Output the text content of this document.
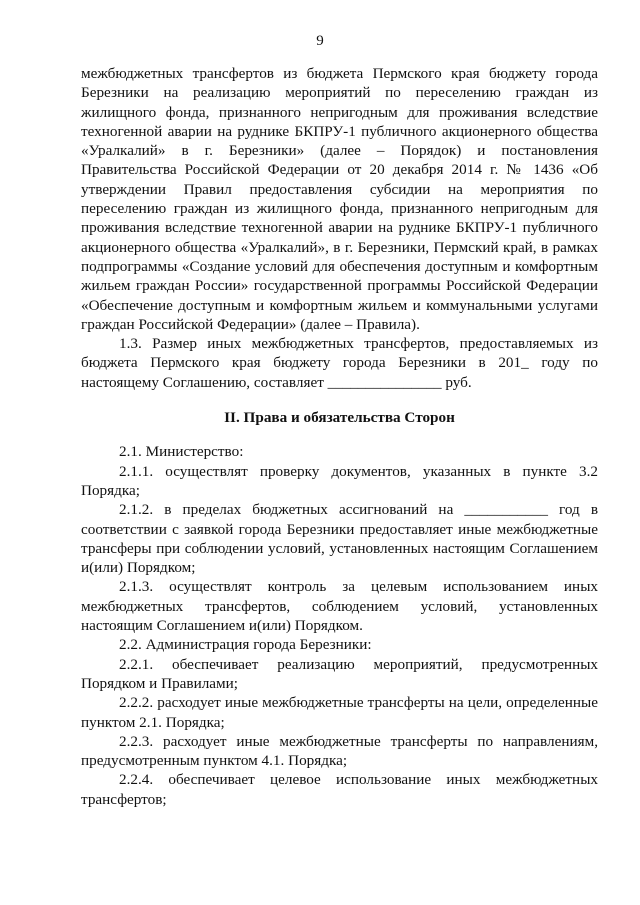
9

межбюджетных трансфертов из бюджета Пермского края бюджету города Березники на реализацию мероприятий по переселению граждан из жилищного фонда, признанного непригодным для проживания вследствие техногенной аварии на руднике БКПРУ-1 публичного акционерного общества «Уралкалий» в г. Березники» (далее – Порядок) и постановления Правительства Российской Федерации от 20 декабря 2014 г. № 1436 «Об утверждении Правил предоставления субсидии на мероприятия по переселению граждан из жилищного фонда, признанного непригодным для проживания вследствие техногенной аварии на руднике БКПРУ-1 публичного акционерного общества «Уралкалий», в г. Березники, Пермский край, в рамках подпрограммы «Создание условий для обеспечения доступным и комфортным жильем граждан России» государственной программы Российской Федерации «Обеспечение доступным и комфортным жильем и коммунальными услугами граждан Российской Федерации» (далее – Правила).

1.3. Размер иных межбюджетных трансфертов, предоставляемых из бюджета Пермского края бюджету города Березники в 201_ году по настоящему Соглашению, составляет _______________ руб.

II. Права и обязательства Сторон

2.1. Министерство:

2.1.1. осуществлят проверку документов, указанных в пункте 3.2 Порядка;

2.1.2. в пределах бюджетных ассигнований на ___________ год в соответствии с заявкой города Березники предоставляет иные межбюджетные трансферы при соблюдении условий, установленных настоящим Соглашением и(или) Порядком;

2.1.3. осуществлят контроль за целевым использованием иных межбюджетных трансфертов, соблюдением условий, установленных настоящим Соглашением и(или) Порядком.

2.2. Администрация города Березники:

2.2.1. обеспечивает реализацию мероприятий, предусмотренных Порядком и Правилами;

2.2.2. расходует иные межбюджетные трансферты на цели, определенные пунктом 2.1. Порядка;

2.2.3. расходует иные межбюджетные трансферты по направлениям, предусмотренным пунктом 4.1. Порядка;

2.2.4. обеспечивает целевое использование иных межбюджетных трансфертов;
